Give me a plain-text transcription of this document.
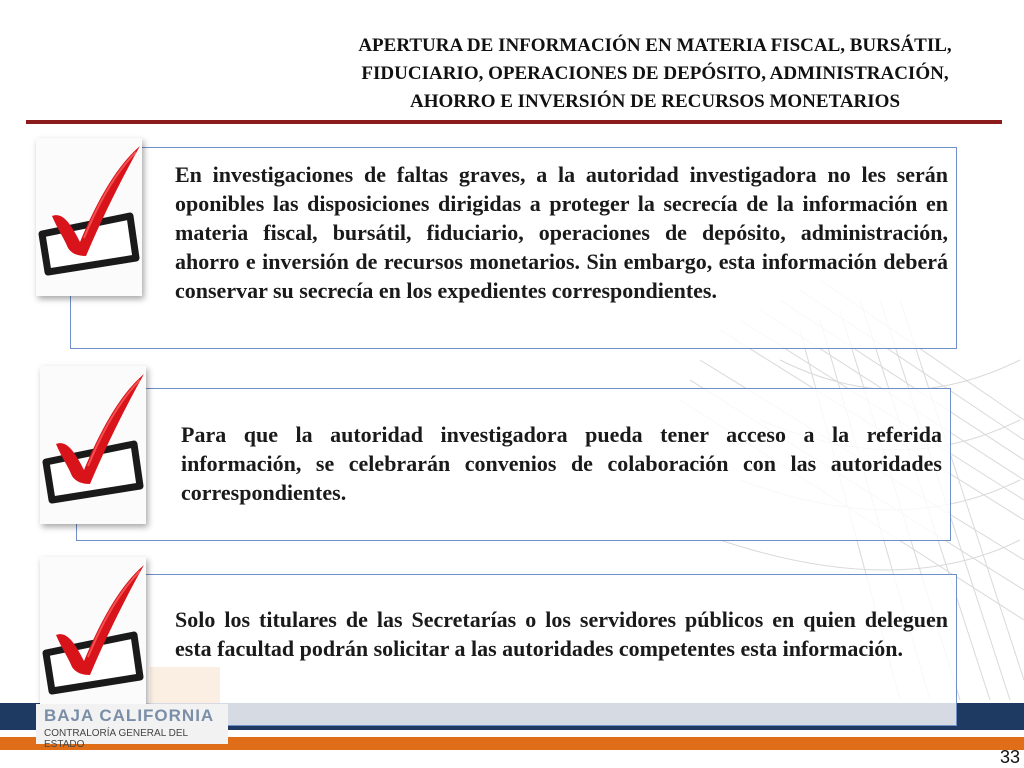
APERTURA DE INFORMACIÓN EN MATERIA FISCAL, BURSÁTIL,
FIDUCIARIO, OPERACIONES DE DEPÓSITO, ADMINISTRACIÓN,
AHORRO E INVERSIÓN DE RECURSOS MONETARIOS

En investigaciones de faltas graves, a la autoridad investigadora no les serán oponibles las disposiciones dirigidas a proteger la secrecía de la información en materia fiscal, bursátil, fiduciario, operaciones de depósito, administración, ahorro e inversión de recursos monetarios. Sin embargo, esta información deberá conservar su secrecía en los expedientes correspondientes.

Para que la autoridad investigadora pueda tener acceso a la referida información, se celebrarán convenios de colaboración con las autoridades correspondientes.

Solo los titulares de las Secretarías o los servidores públicos en quien deleguen esta facultad podrán solicitar a las autoridades competentes esta información.

BAJA CALIFORNIA
CONTRALORÍA GENERAL DEL ESTADO
33
